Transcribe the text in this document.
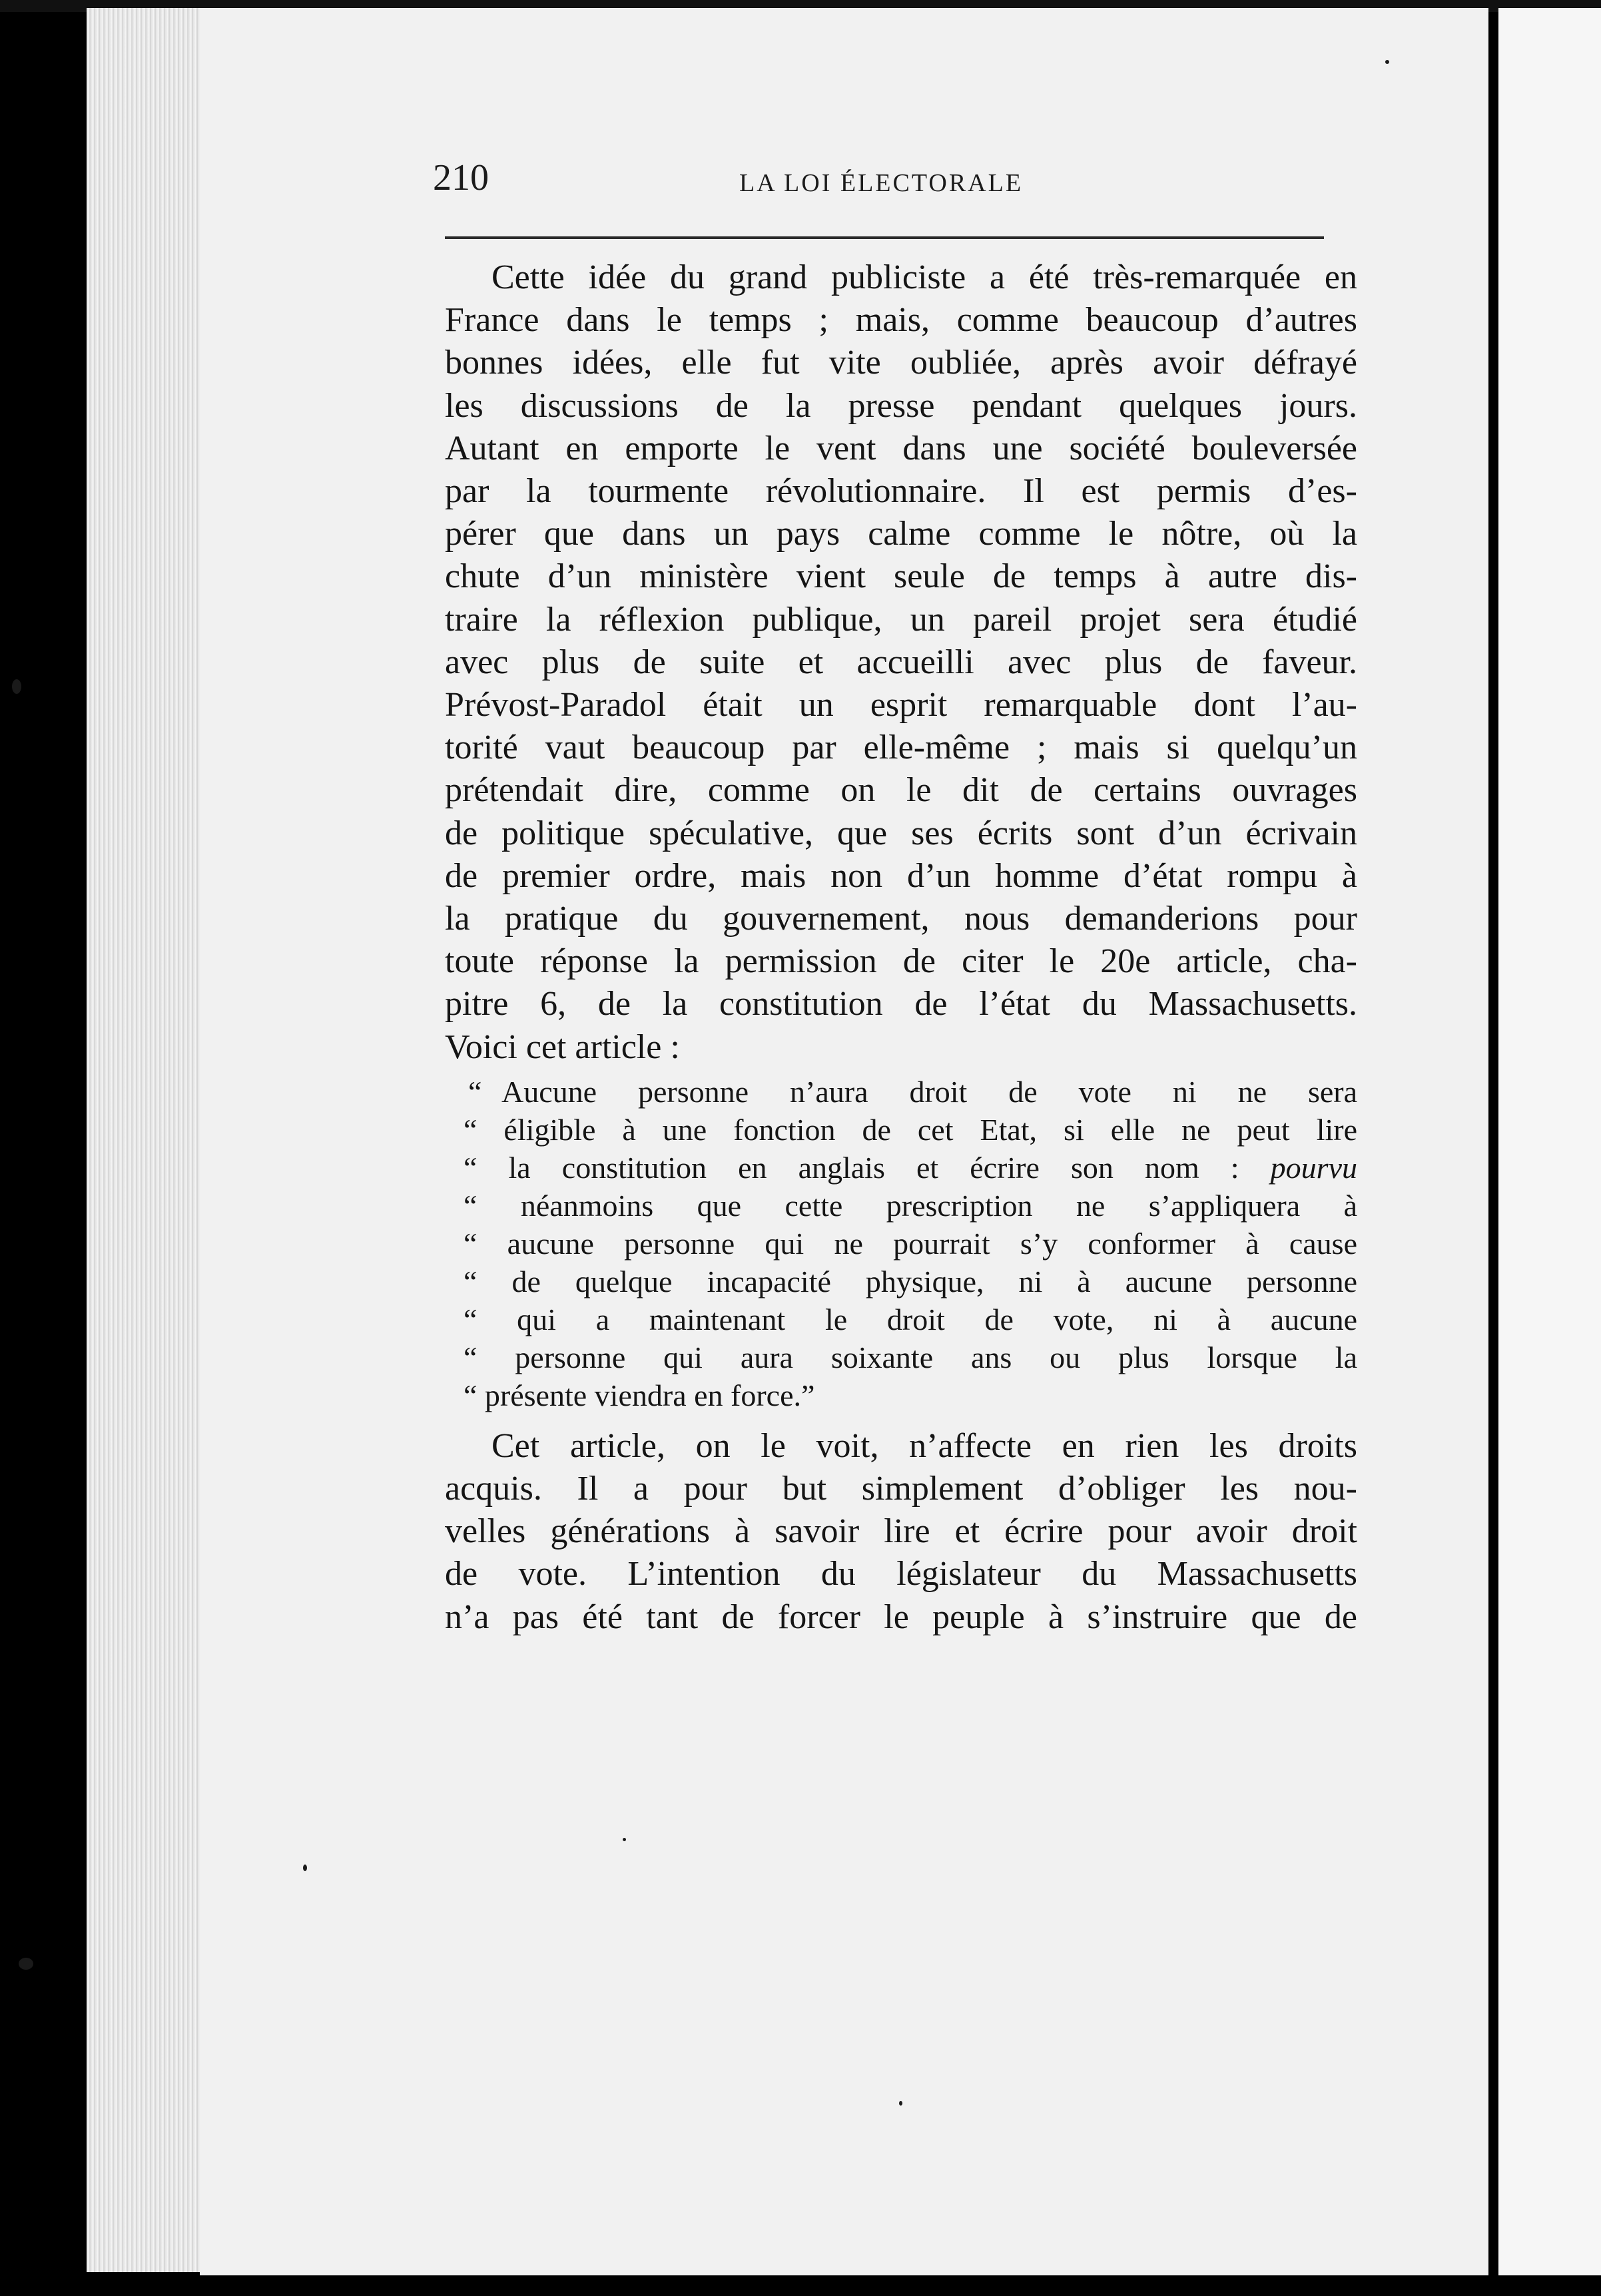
210	LA LOI ÉLECTORALE
Cette idée du grand publiciste a été très-remarquée en
France dans le temps ; mais, comme beaucoup d’autres
bonnes idées, elle fut vite oubliée, après avoir défrayé
les discussions de la presse pendant quelques jours.
Autant en emporte le vent dans une société bouleversée
par la tourmente révolutionnaire. Il est permis d’es-
pérer que dans un pays calme comme le nôtre, où la
chute d’un ministère vient seule de temps à autre dis-
traire la réflexion publique, un pareil projet sera étudié
avec plus de suite et accueilli avec plus de faveur.
Prévost-Paradol était un esprit remarquable dont l’au-
torité vaut beaucoup par elle-même ; mais si quelqu’un
prétendait dire, comme on le dit de certains ouvrages
de politique spéculative, que ses écrits sont d’un écrivain
de premier ordre, mais non d’un homme d’état rompu à
la pratique du gouvernement, nous demanderions pour
toute réponse la permission de citer le 20e article, cha-
pitre 6, de la constitution de l’état du Massachusetts.
Voici cet article :
“ Aucune personne n’aura droit de vote ni ne sera
“ éligible à une fonction de cet Etat, si elle ne peut lire
“ la constitution en anglais et écrire son nom : pourvu
“ néanmoins que cette prescription ne s’appliquera à
“ aucune personne qui ne pourrait s’y conformer à cause
“ de quelque incapacité physique, ni à aucune personne
“ qui a maintenant le droit de vote, ni à aucune
“ personne qui aura soixante ans ou plus lorsque la
“ présente viendra en force.”
Cet article, on le voit, n’affecte en rien les droits
acquis. Il a pour but simplement d’obliger les nou-
velles générations à savoir lire et écrire pour avoir droit
de vote. L’intention du législateur du Massachusetts
n’a pas été tant de forcer le peuple à s’instruire que de
